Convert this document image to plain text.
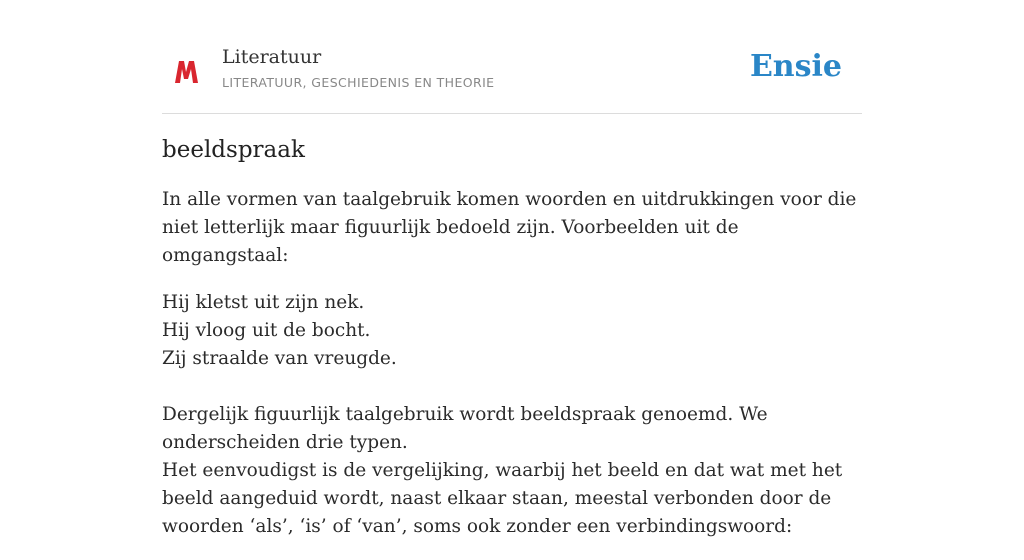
Literatuur
LITERATUUR, GESCHIEDENIS EN THEORIE	Ensie
beeldspraak

In alle vormen van taalgebruik komen woorden en uitdrukkingen voor die niet letterlijk maar figuurlijk bedoeld zijn. Voorbeelden uit de omgangstaal:

Hij kletst uit zijn nek.
Hij vloog uit de bocht.
Zij straalde van vreugde.

Dergelijk figuurlijk taalgebruik wordt beeldspraak genoemd. We onderscheiden drie typen.

Het eenvoudigst is de vergelijking, waarbij het beeld en dat wat met het beeld aangeduid wordt, naast elkaar staan, meestal verbonden door de woorden ‘als’, ‘is’ of ‘van’, soms ook zonder een verbindingswoord:
